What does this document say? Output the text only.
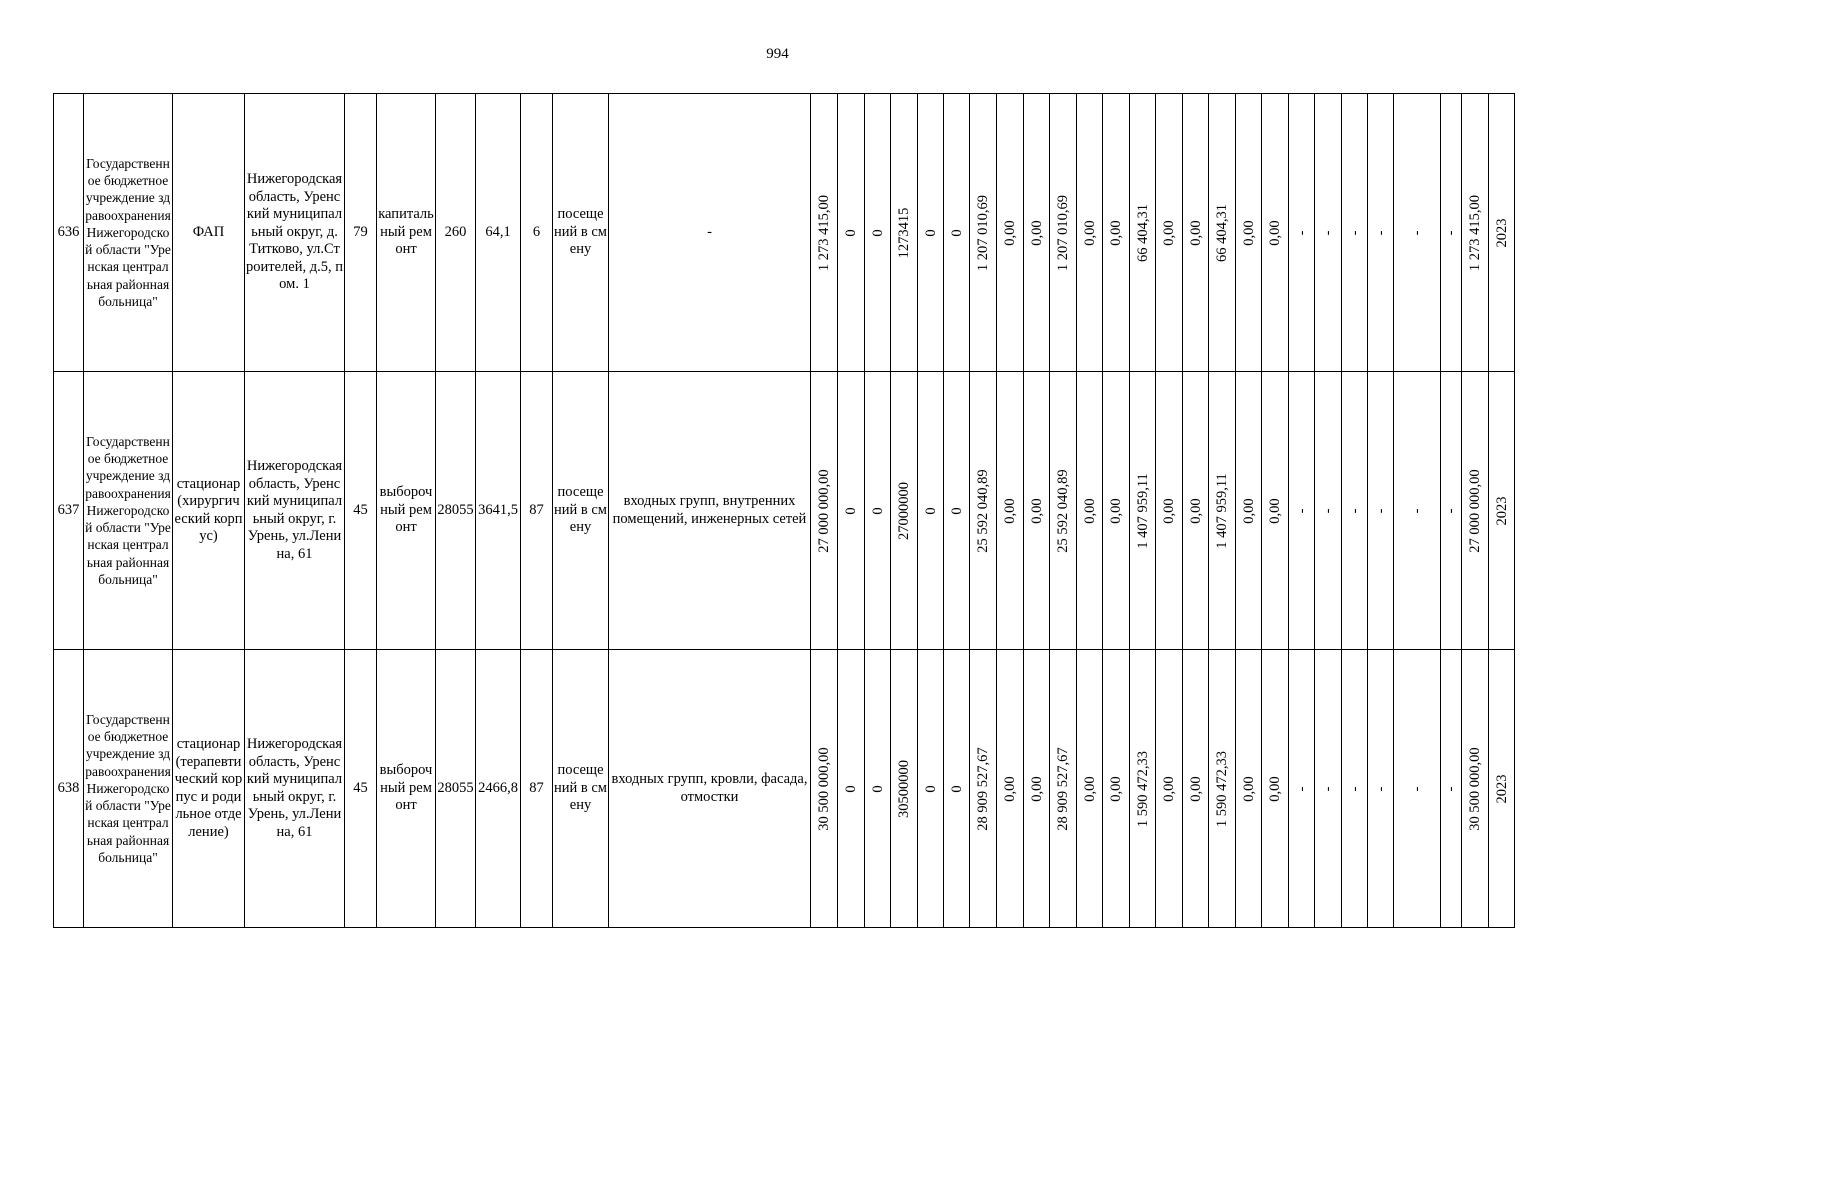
994
636	Государственное бюджетное учреждение здравоохранения Нижегородской области "Уренская центральная районная больница"	ФАП	Нижегородская область, Уренский муниципальный округ, д. Титково, ул.Строителей, д.5, пом. 1	79	капитальный ремонт	260	64,1	6	посещений в смену	-	1 273 415,00	0	0	1273415	0	0	1 207 010,69	0,00	0,00	1 207 010,69	0,00	0,00	66 404,31	0,00	0,00	66 404,31	0,00	0,00	-	-	-	-	-	-	1 273 415,00	2023

637	Государственное бюджетное учреждение здравоохранения Нижегородской области "Уренская центральная районная больница"	стационар (хирургический корпус)	Нижегородская область, Уренский муниципальный округ, г. Урень, ул.Ленина, 61	45	выборочный ремонт	28055	3641,5	87	посещений в смену	входных групп, внутренних помещений, инженерных сетей	27 000 000,00	0	0	27000000	0	0	25 592 040,89	0,00	0,00	25 592 040,89	0,00	0,00	1 407 959,11	0,00	0,00	1 407 959,11	0,00	0,00	-	-	-	-	-	-	27 000 000,00	2023

638	Государственное бюджетное учреждение здравоохранения Нижегородской области "Уренская центральная районная больница"	стационар (терапевтический корпус и родильное отделение)	Нижегородская область, Уренский муниципальный округ, г. Урень, ул.Ленина, 61	45	выборочный ремонт	28055	2466,8	87	посещений в смену	входных групп, кровли, фасада, отмостки	30 500 000,00	0	0	30500000	0	0	28 909 527,67	0,00	0,00	28 909 527,67	0,00	0,00	1 590 472,33	0,00	0,00	1 590 472,33	0,00	0,00	-	-	-	-	-	-	30 500 000,00	2023
